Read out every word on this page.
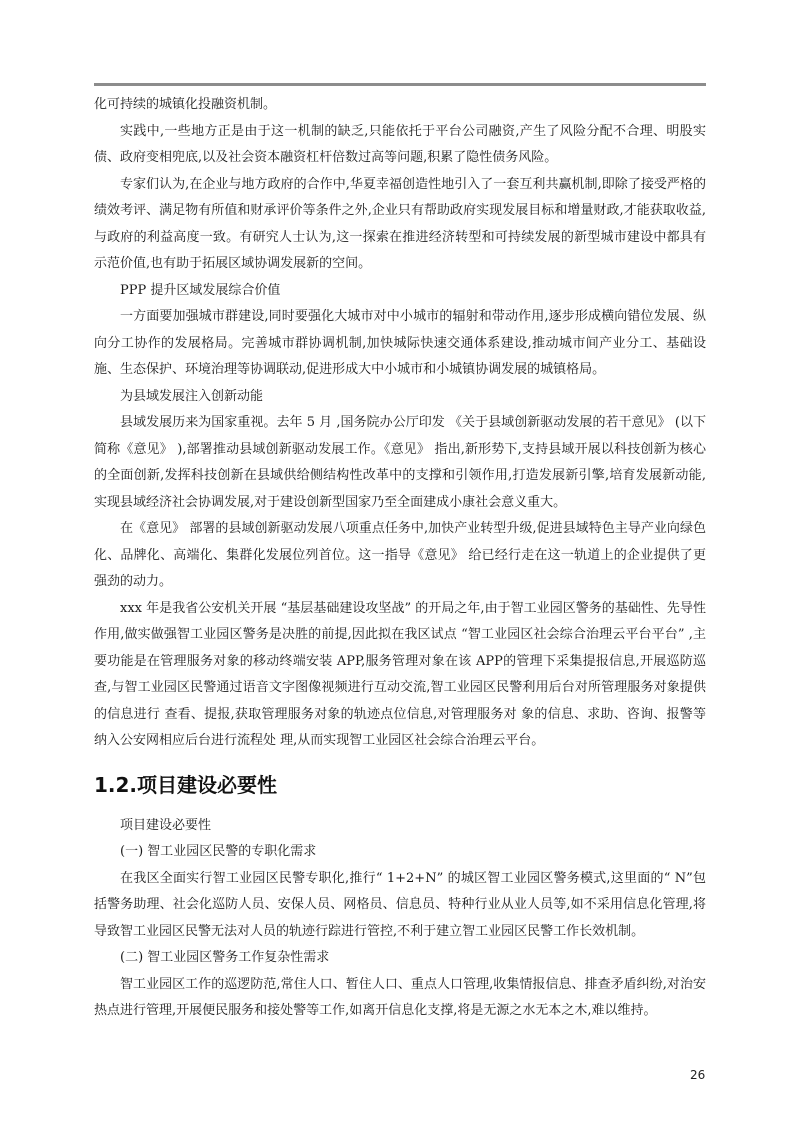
化可持续的城镇化投融资机制。

实践中,一些地方正是由于这一机制的缺乏,只能依托于平台公司融资,产生了风险分配不合理、明股实债、政府变相兜底,以及社会资本融资杠杆倍数过高等问题,积累了隐性债务风险。

专家们认为,在企业与地方政府的合作中,华夏幸福创造性地引入了一套互利共赢机制,即除了接受严格的绩效考评、满足物有所值和财承评价等条件之外,企业只有帮助政府实现发展目标和增量财政,才能获取收益,与政府的利益高度一致。有研究人士认为,这一探索在推进经济转型和可持续发展的新型城市建设中都具有示范价值,也有助于拓展区域协调发展新的空间。

PPP 提升区域发展综合价值

一方面要加强城市群建设,同时要强化大城市对中小城市的辐射和带动作用,逐步形成横向错位发展、纵向分工协作的发展格局。完善城市群协调机制,加快城际快速交通体系建设,推动城市间产业分工、基础设施、生态保护、环境治理等协调联动,促进形成大中小城市和小城镇协调发展的城镇格局。

为县域发展注入创新动能

县域发展历来为国家重视。去年 5 月 ,国务院办公厅印发 《关于县域创新驱动发展的若干意见》 (以下简称《意见》 ),部署推动县域创新驱动发展工作。《意见》 指出,新形势下,支持县域开展以科技创新为核心的全面创新,发挥科技创新在县域供给侧结构性改革中的支撑和引领作用,打造发展新引擎,培育发展新动能,实现县域经济社会协调发展,对于建设创新型国家乃至全面建成小康社会意义重大。

在《意见》 部署的县域创新驱动发展八项重点任务中,加快产业转型升级,促进县域特色主导产业向绿色化、品牌化、高端化、集群化发展位列首位。这一指导《意见》 给已经行走在这一轨道上的企业提供了更强劲的动力。

xxx 年是我省公安机关开展 “基层基础建设攻坚战” 的开局之年,由于智工业园区警务的基础性、先导性作用,做实做强智工业园区警务是决胜的前提,因此拟在我区试点 “智工业园区社会综合治理云平台平台” ,主要功能是在管理服务对象的移动终端安装 APP,服务管理对象在该 APP的管理下采集提报信息,开展巡防巡查,与智工业园区民警通过语音文字图像视频进行互动交流,智工业园区民警利用后台对所管理服务对象提供的信息进行 查看、提报,获取管理服务对象的轨迹点位信息,对管理服务对 象的信息、求助、咨询、报警等纳入公安网相应后台进行流程处 理,从而实现智工业园区社会综合治理云平台。

1.2.项目建设必要性

项目建设必要性

(一) 智工业园区民警的专职化需求

在我区全面实行智工业园区民警专职化,推行“ 1+2+N” 的城区智工业园区警务模式,这里面的“ N”包括警务助理、社会化巡防人员、安保人员、网格员、信息员、特种行业从业人员等,如不采用信息化管理,将导致智工业园区民警无法对人员的轨迹行踪进行管控,不利于建立智工业园区民警工作长效机制。

(二) 智工业园区警务工作复杂性需求

智工业园区工作的巡逻防范,常住人口、暂住人口、重点人口管理,收集情报信息、排查矛盾纠纷,对治安热点进行管理,开展便民服务和接处警等工作,如离开信息化支撑,将是无源之水无本之木,难以维持。

26
